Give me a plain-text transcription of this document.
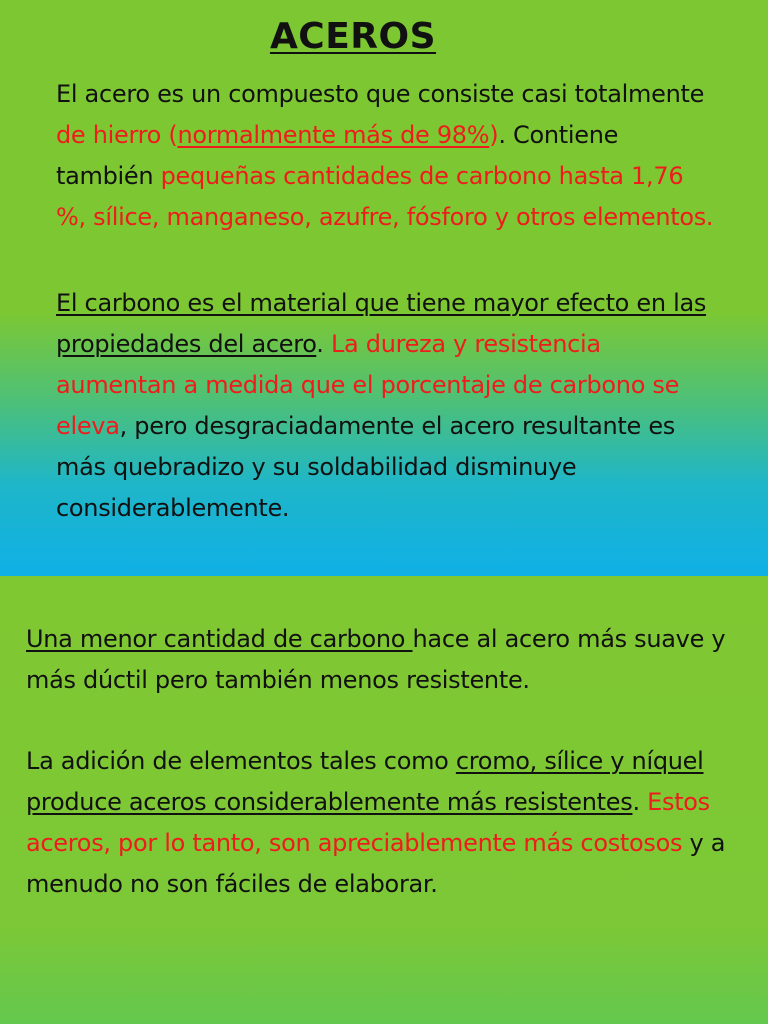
ACEROS

El acero es un compuesto que consiste casi totalmente de hierro (normalmente más de 98%). Contiene también pequeñas cantidades de carbono hasta 1,76 %, sílice, manganeso, azufre, fósforo y otros elementos.

El carbono es el material que tiene mayor efecto en las propiedades del acero. La dureza y resistencia aumentan a medida que el porcentaje de carbono se eleva, pero desgraciadamente el acero resultante es más quebradizo y su soldabilidad disminuye considerablemente.

Una menor cantidad de carbono hace al acero más suave y más dúctil pero también menos resistente.

La adición de elementos tales como cromo, sílice y níquel produce aceros considerablemente más resistentes. Estos aceros, por lo tanto, son apreciablemente más costosos y a menudo no son fáciles de elaborar.
